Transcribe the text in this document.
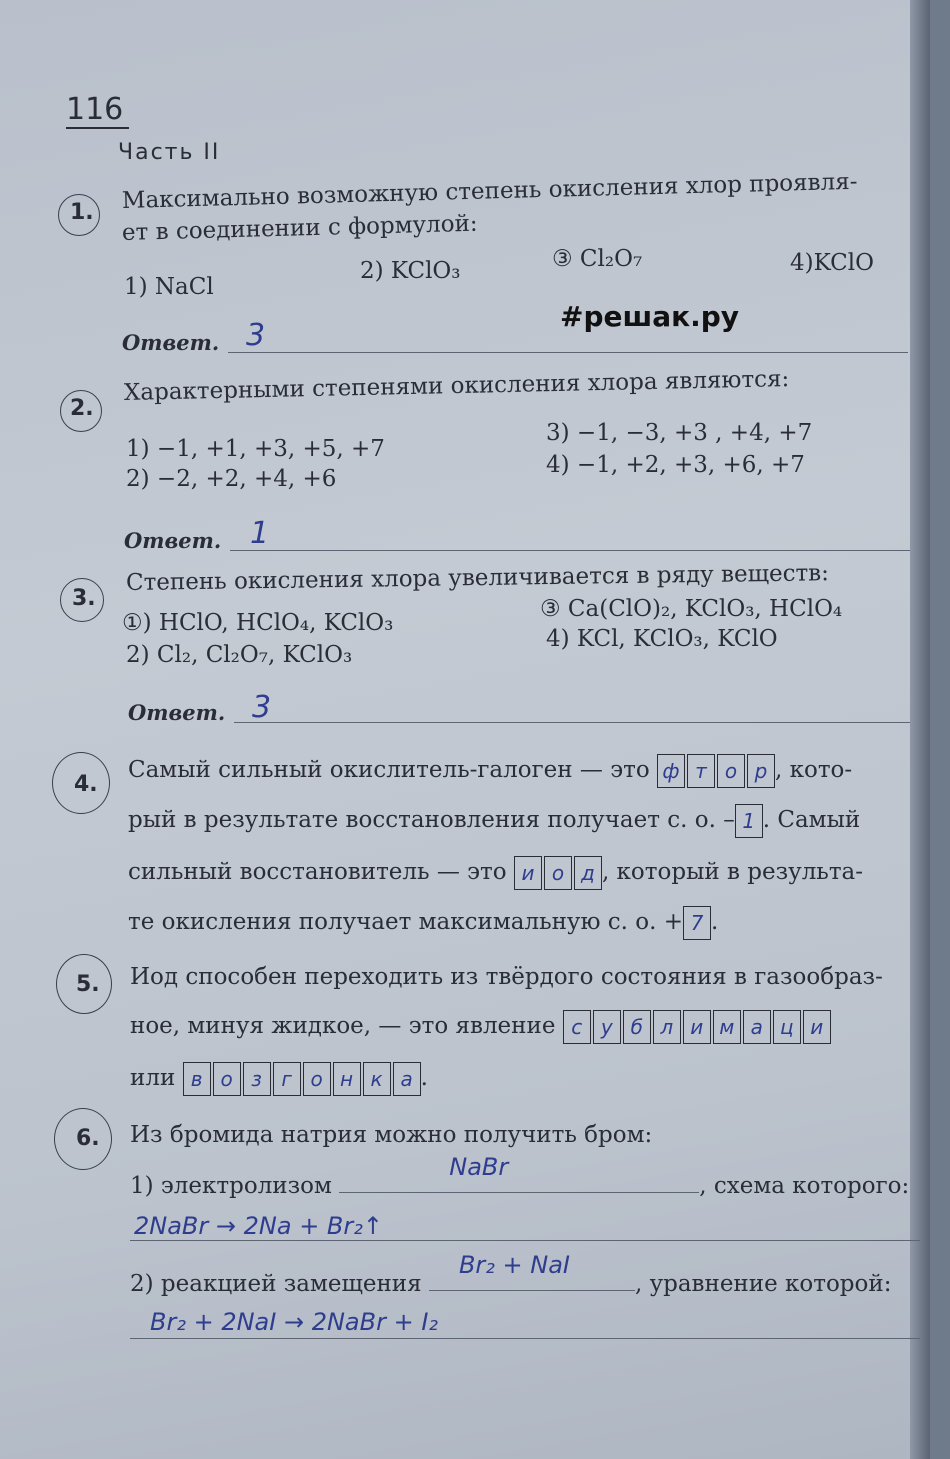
116
Часть II
#решак.ру
1. Максимально возможную степень окисления хлор проявля-
ет в соединении с формулой:
1) NaCl
2) KClO₃	③ Cl₂O₇	4)KClO
Ответ. 3
2.
Характерными степенями окисления хлора являются:
1) −1, +1, +3, +5, +7
2) −2, +2, +4, +6
3) −1, −3, +3 , +4, +7
4) −1, +2, +3, +6, +7
Ответ. 1
3.
Степень окисления хлора увеличивается в ряду веществ:
①) HClO, HClO₄, KClO₃
2) Cl₂, Cl₂O₇, KClO₃
③ Ca(ClO)₂, KClO₃, HClO₄
4) KCl, KClO₃, KClO
Ответ. 3
4.
Самый сильный окислитель-галоген — это ф т о р , кото-
рый в результате восстановления получает с. о. – 1 . Самый
сильный восстановитель — это и о д , который в результа-
те окисления получает максимальную с. о. + 7 .
5. Иод способен переходить из твёрдого состояния в газообраз-
ное, минуя жидкое, — это явление с у б л и м а ц и
или в о з г о н к а .
6. Из бромида натрия можно получить бром:
1) электролизом
NaBr
, схема которого:
2NaBr → 2Na + Br₂↑
2) реакцией замещения
Br₂ + NaI
, уравнение которой:
Br₂ + 2NaI → 2NaBr + I₂
